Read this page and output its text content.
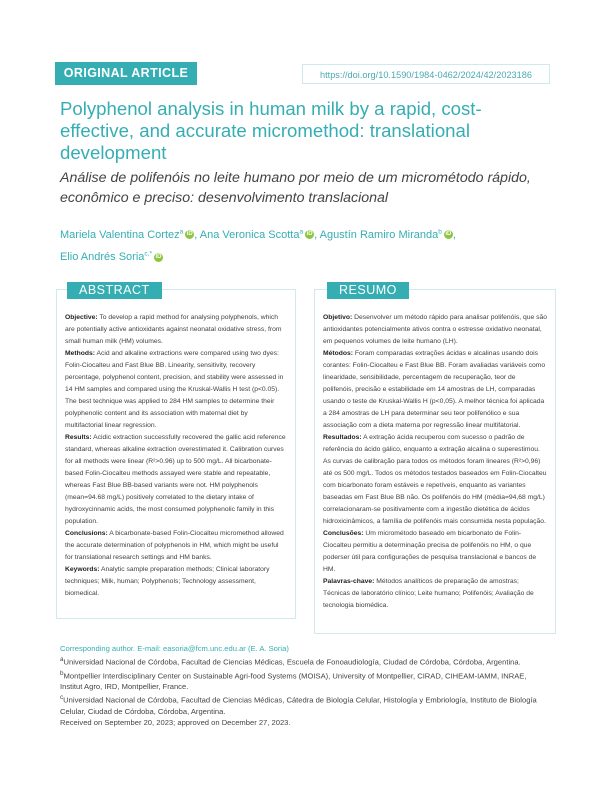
ORIGINAL ARTICLE	https://doi.org/10.1590/1984-0462/2024/42/2023186
Polyphenol analysis in human milk by a rapid, cost-effective, and accurate micromethod: translational development

Análise de polifenóis no leite humano por meio de um micrométodo rápido, econômico e preciso: desenvolvimento translacional

Mariela Valentina Cortez$^a$ iD , Ana Veronica Scotta$^a$ iD , Agustín Ramiro Miranda$^b$ iD ,
Elio Andrés Soria$^{c,*}$ iD
ABSTRACT

Objective: To develop a rapid method for analysing polyphenols, which are potentially active antioxidants against neonatal oxidative stress, from small human milk (HM) volumes.

Methods: Acid and alkaline extractions were compared using two dyes: Folin-Ciocalteu and Fast Blue BB. Linearity, sensitivity, recovery percentage, polyphenol content, precision, and stability were assessed in 14 HM samples and compared using the Kruskal-Wallis H test (p<0.05). The best technique was applied to 284 HM samples to determine their polyphenolic content and its association with maternal diet by multifactorial linear regression.

Results: Acidic extraction successfully recovered the gallic acid reference standard, whereas alkaline extraction overestimated it. Calibration curves for all methods were linear (R²>0.96) up to 500 mg/L. All bicarbonate-based Folin-Ciocalteu methods assayed were stable and repeatable, whereas Fast Blue BB-based variants were not. HM polyphenols (mean=94.68 mg/L) positively correlated to the dietary intake of hydroxycinnamic acids, the most consumed polyphenolic family in this population.

Conclusions: A bicarbonate-based Folin-Ciocalteu micromethod allowed the accurate determination of polyphenols in HM, which might be useful for translational research settings and HM banks.

Keywords: Analytic sample preparation methods; Clinical laboratory techniques; Milk, human; Polyphenols; Technology assessment, biomedical.

RESUMO

Objetivo: Desenvolver um método rápido para analisar polifenóis, que são antioxidantes potencialmente ativos contra o estresse oxidativo neonatal, em pequenos volumes de leite humano (LH).

Métodos: Foram comparadas extrações ácidas e alcalinas usando dois corantes: Folin-Ciocalteu e Fast Blue BB. Foram avaliadas variáveis como linearidade, sensibilidade, percentagem de recuperação, teor de polifenóis, precisão e estabilidade em 14 amostras de LH, comparadas usando o teste de Kruskal-Wallis H (p<0,05). A melhor técnica foi aplicada a 284 amostras de LH para determinar seu teor polifenólico e sua associação com a dieta materna por regressão linear multifatorial.

Resultados: A extração ácida recuperou com sucesso o padrão de referência do ácido gálico, enquanto a extração alcalina o superestimou. As curvas de calibração para todos os métodos foram lineares (R²>0,96) até os 500 mg/L. Todos os métodos testados baseados em Folin-Ciocalteu com bicarbonato foram estáveis e repetíveis, enquanto as variantes baseadas em Fast Blue BB não. Os polifenóis do HM (média=94,68 mg/L) correlacionaram-se positivamente com a ingestão dietética de ácidos hidroxicinâmicos, a família de polifenóis mais consumida nesta população.

Conclusões: Um micrométodo baseado em bicarbonato de Folin-Ciocalteu permitiu a determinação precisa de polifenóis no HM, o que poderser útil para configurações de pesquisa translacional e bancos de HM.

Palavras-chave: Métodos analíticos de preparação de amostras; Técnicas de laboratório clínico; Leite humano; Polifenóis; Avaliação de tecnologia biomédica.

Corresponding author. E-mail: easoria@fcm.unc.edu.ar (E. A. Soria)

$^a$Universidad Nacional de Córdoba, Facultad de Ciencias Médicas, Escuela de Fonoaudiología, Ciudad de Córdoba, Córdoba, Argentina.

$^b$Montpellier Interdisciplinary Center on Sustainable Agri-food Systems (MOISA), University of Montpellier, CIRAD, CIHEAM-IAMM, INRAE, Institut Agro, IRD, Montpellier, France.

$^c$Universidad Nacional de Córdoba, Facultad de Ciencias Médicas, Cátedra de Biología Celular, Histología y Embriología, Instituto de Biología Celular, Ciudad de Córdoba, Córdoba, Argentina.

Received on September 20, 2023; approved on December 27, 2023.
